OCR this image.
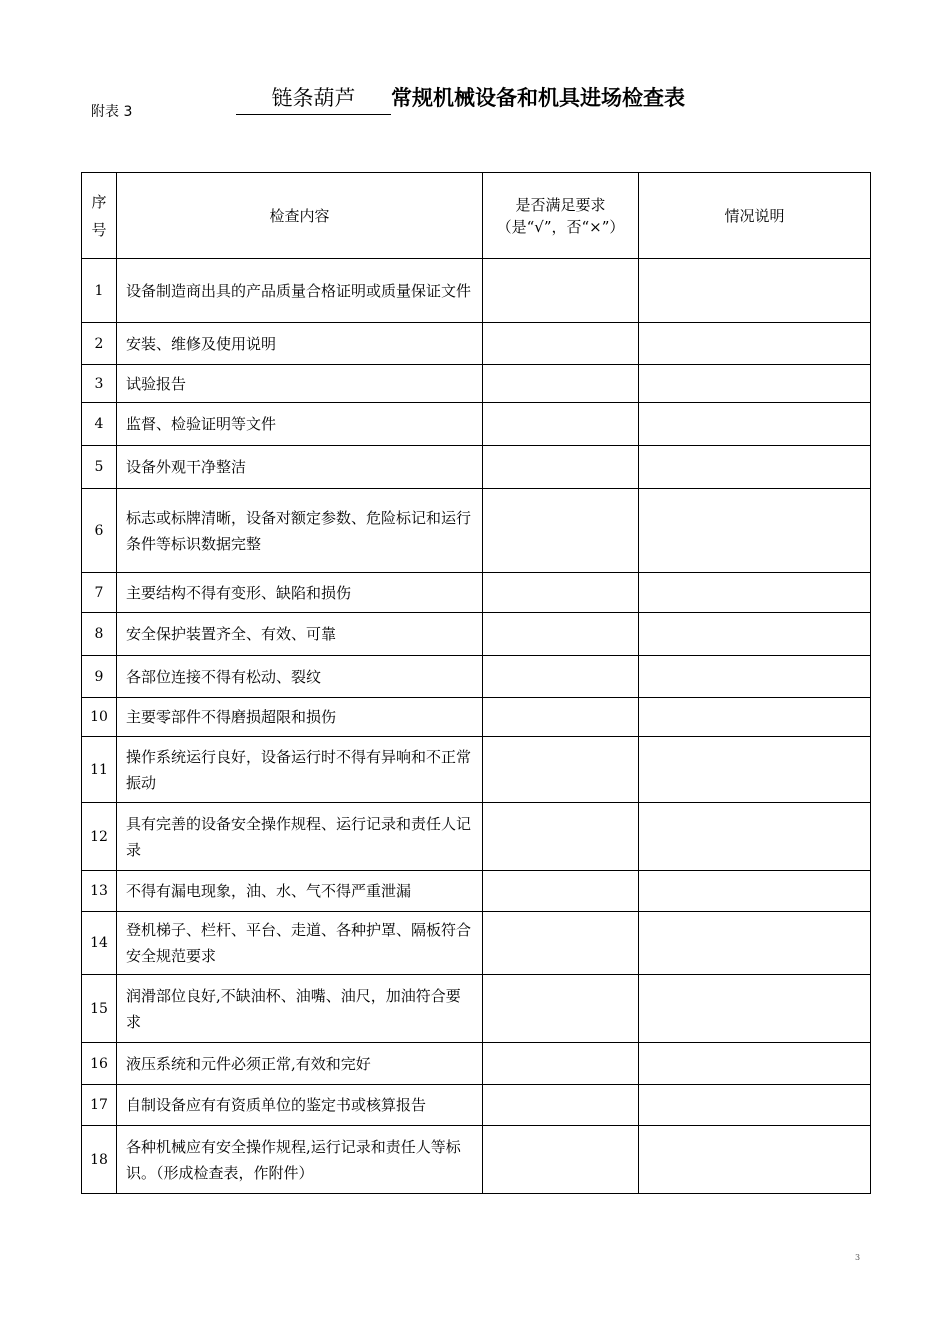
附表 3
链条葫芦 常规机械设备和机具进场检查表
序号	检查内容	是否满足要求（是“√”，否“×”）	情况说明
1	设备制造商出具的产品质量合格证明或质量保证文件		
2	安装、维修及使用说明		
3	试验报告		
4	监督、检验证明等文件		
5	设备外观干净整洁		
6	标志或标牌清晰，设备对额定参数、危险标记和运行条件等标识数据完整		
7	主要结构不得有变形、缺陷和损伤		
8	安全保护装置齐全、有效、可靠		
9	各部位连接不得有松动、裂纹		
10	主要零部件不得磨损超限和损伤		
11	操作系统运行良好，设备运行时不得有异响和不正常振动		
12	具有完善的设备安全操作规程、运行记录和责任人记录		
13	不得有漏电现象，油、水、气不得严重泄漏		
14	登机梯子、栏杆、平台、走道、各种护罩、隔板符合安全规范要求		
15	润滑部位良好,不缺油杯、油嘴、油尺，加油符合要求		
16	液压系统和元件必须正常,有效和完好		
17	自制设备应有有资质单位的鉴定书或核算报告		
18	各种机械应有安全操作规程,运行记录和责任人等标识。（形成检查表，作附件）		
3
